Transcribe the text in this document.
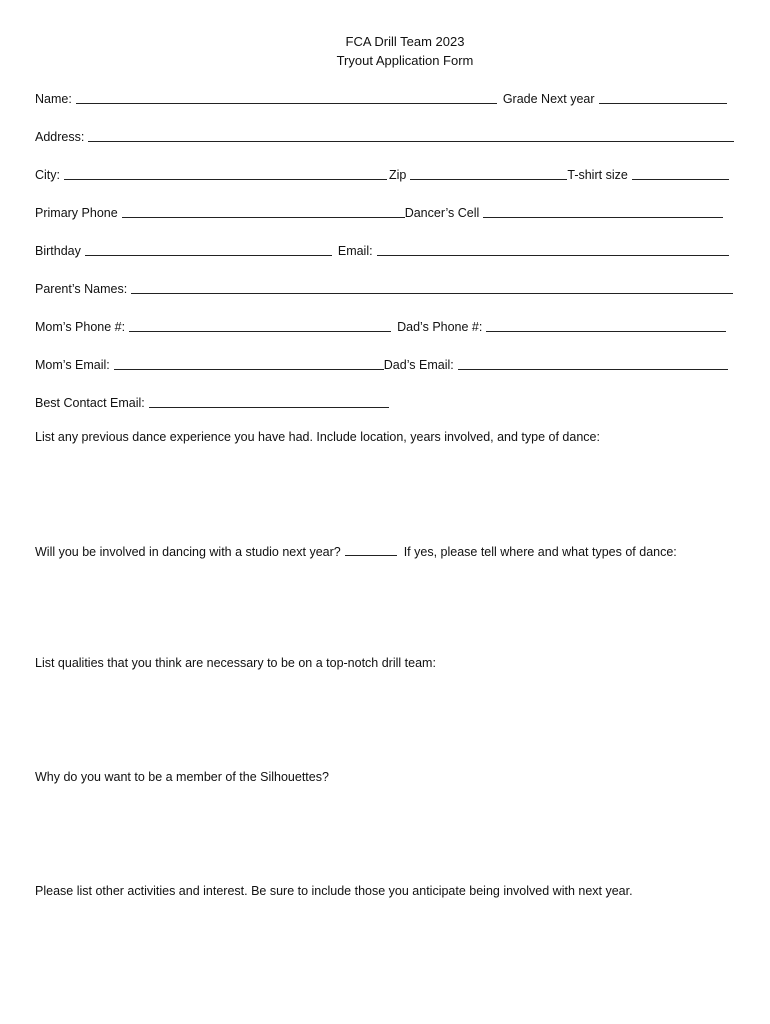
FCA Drill Team 2023
Tryout Application Form
Name:	Grade Next year
Address:
City:	Zip	T-shirt size
Primary Phone	Dancer’s Cell
Birthday	Email:
Parent’s Names:
Mom’s Phone #:	Dad’s Phone #:
Mom’s Email:	Dad’s Email:
Best Contact Email:
List any previous dance experience you have had. Include location, years involved, and type of dance:
Will you be involved in dancing with a studio next year?	If yes, please tell where and what types of dance:
List qualities that you think are necessary to be on a top-notch drill team:
Why do you want to be a member of the Silhouettes?
Please list other activities and interest. Be sure to include those you anticipate being involved with next year.
